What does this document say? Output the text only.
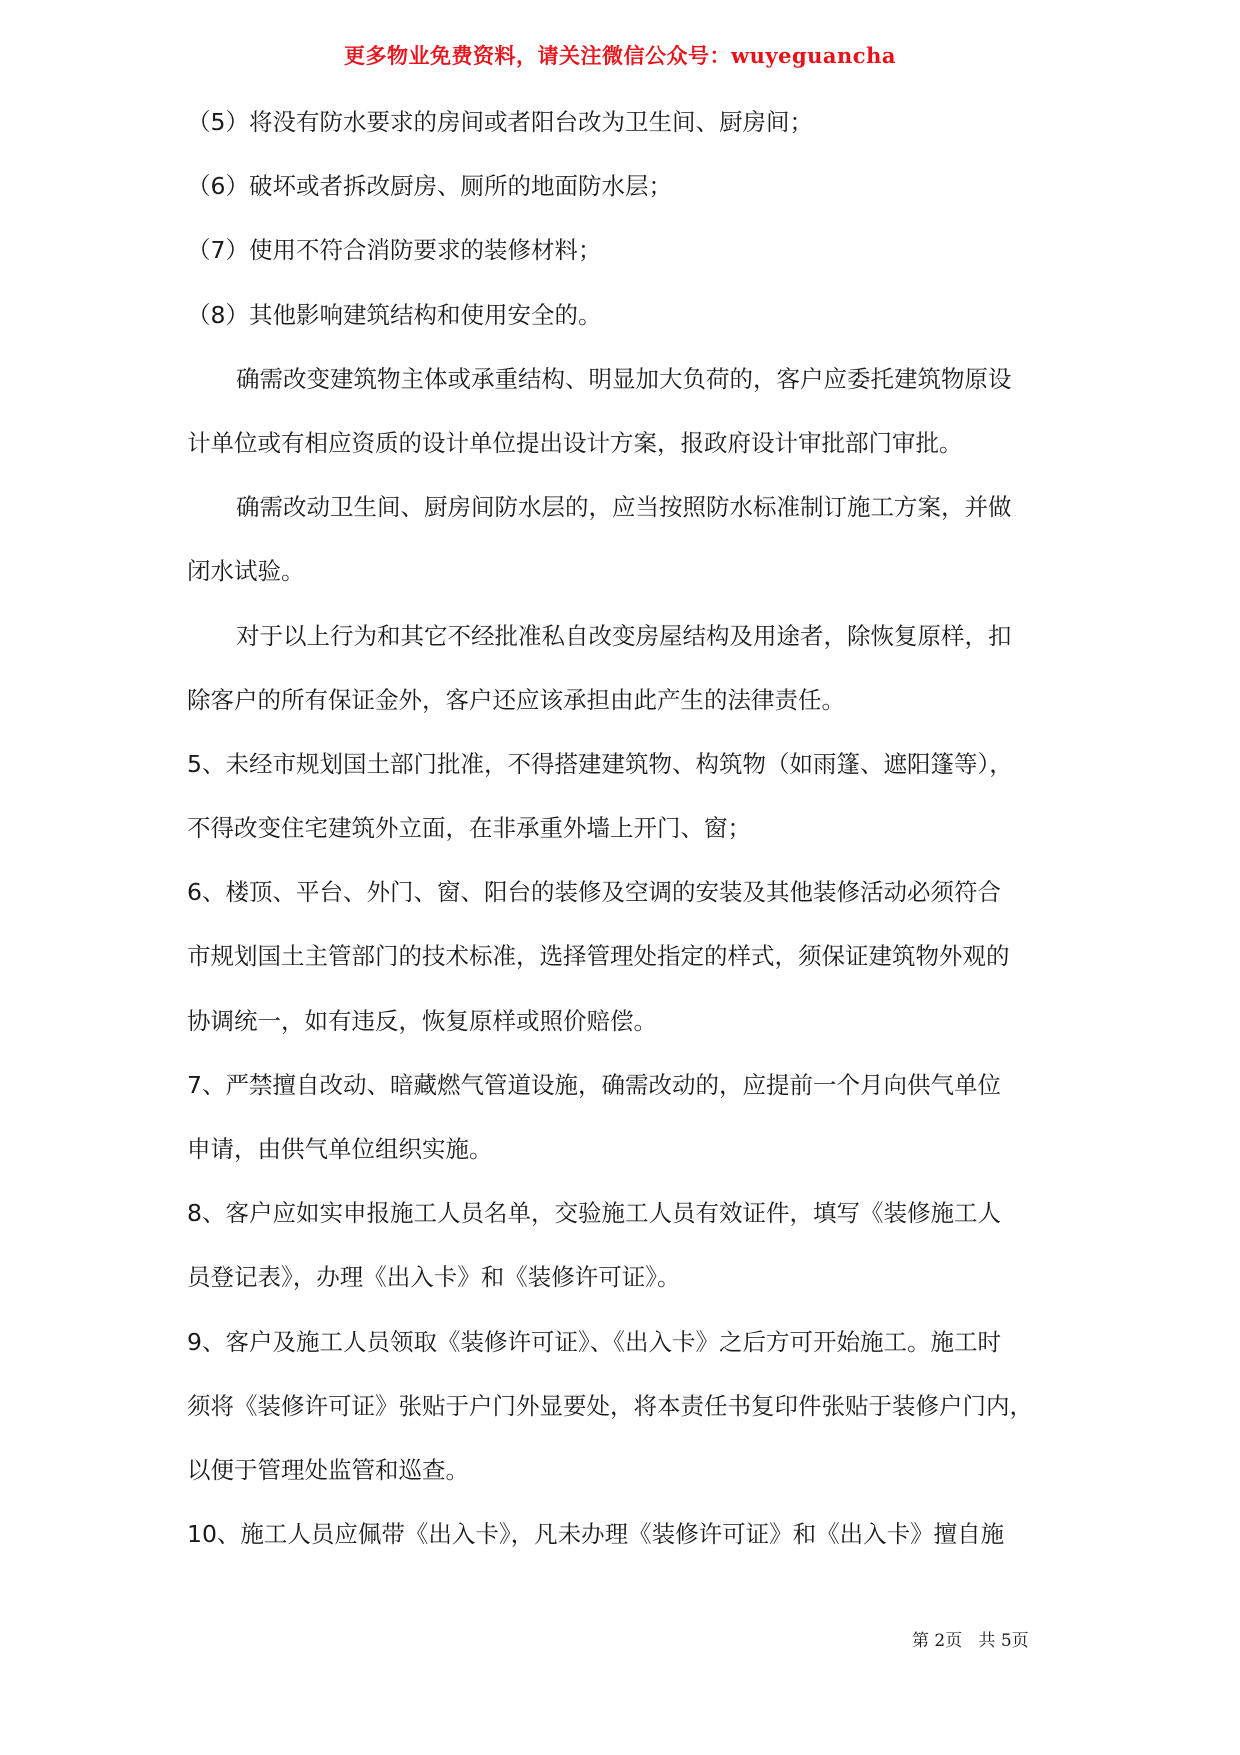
更多物业免费资料，请关注微信公众号：wuyeguancha
（5）将没有防水要求的房间或者阳台改为卫生间、厨房间；
（6）破坏或者拆改厨房、厕所的地面防水层；
（7）使用不符合消防要求的装修材料；
（8）其他影响建筑结构和使用安全的。
确需改变建筑物主体或承重结构、明显加大负荷的，客户应委托建筑物原设
计单位或有相应资质的设计单位提出设计方案，报政府设计审批部门审批。
确需改动卫生间、厨房间防水层的，应当按照防水标准制订施工方案，并做
闭水试验。
对于以上行为和其它不经批准私自改变房屋结构及用途者，除恢复原样，扣
除客户的所有保证金外，客户还应该承担由此产生的法律责任。
5、未经市规划国土部门批准，不得搭建建筑物、构筑物（如雨篷、遮阳篷等），
不得改变住宅建筑外立面，在非承重外墙上开门、窗；
6、楼顶、平台、外门、窗、阳台的装修及空调的安装及其他装修活动必须符合
市规划国土主管部门的技术标准，选择管理处指定的样式，须保证建筑物外观的
协调统一，如有违反，恢复原样或照价赔偿。
7、严禁擅自改动、暗藏燃气管道设施，确需改动的，应提前一个月向供气单位
申请，由供气单位组织实施。
8、客户应如实申报施工人员名单，交验施工人员有效证件，填写《装修施工人
员登记表》，办理《出入卡》和《装修许可证》。
9、客户及施工人员领取《装修许可证》、《出入卡》之后方可开始施工。施工时
须将《装修许可证》张贴于户门外显要处，将本责任书复印件张贴于装修户门内，
以便于管理处监管和巡查。
10、施工人员应佩带《出入卡》，凡未办理《装修许可证》和《出入卡》擅自施
第 2页   共 5页
